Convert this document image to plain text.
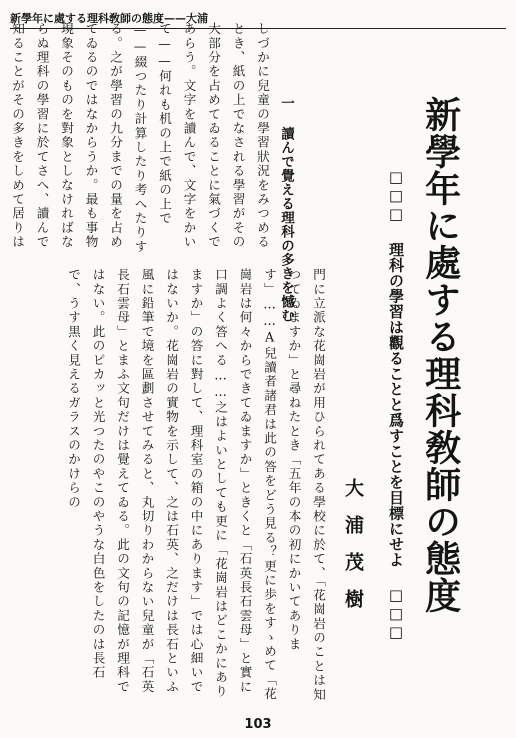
新學年に處する理科敎師の態度——大浦
新學年に處する理科敎師の態度
□□□ 理科の學習は觀ることと爲すことを目標にせよ □□□
大浦茂樹
一 讀んで覺える理科の多きを憾む
しづかに兒童の學習狀況をみつめるとき、紙の上でなされる學習がその大部分を占めてゐることに氣づくであらう。文字を讀んで、文字をかいて——何れも机の上で紙の上で——綴つたり計算したり考へたりする。之が學習の九分までの量を占めてゐるのではなからうか。最も事物現象そのものを對象としなければならぬ理科の學習に於てさへ、讀んで知ることがその多きをしめて居りは
門に立派な花崗岩が用ひられてある學校に於て、「花崗岩のことは知つてゐますか」と尋ねたとき「五年の本の初にかいてあります」……A兒讀者諸君は此の答をどう見る？更に歩をすゝめて「花崗岩は何々からできてゐますか」ときくと「石英長石雲母」と實に口調よく答へる……之はよいとしても更に「花崗岩はどこかにありますか」の答に對して、理科室の箱の中にあります」では心細いではないか。花崗岩の實物を示して、之は石英、之だけは長石といふ風に鉛筆で境を區劃させてみると、丸切りわからない兒童が「石英長石雲母」とまふ文句だけは覺えてゐる。此の文句の記憶が理科ではない。此のピカッと光つたのやこのやうな白色をしたのは長石で、うす黒く見えるガラスのかけらの
103
